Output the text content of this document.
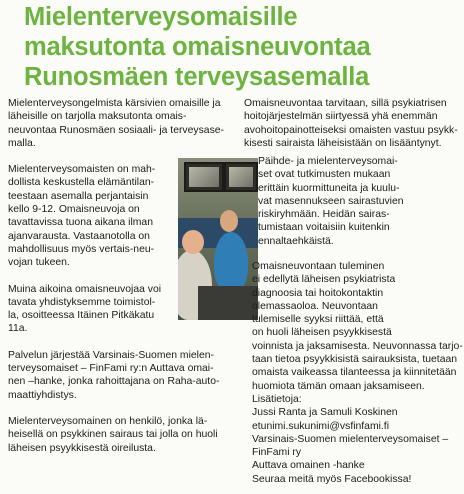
Mielenterveysomaisille
maksutonta omaisneuvontaa
Runosmäen terveysasemalla

Mielenterveysongelmista kärsivien omaisille ja
läheisille on tarjolla maksutonta omais-
neuvontaa Runosmäen sosiaali- ja terveysase-
malla.

Mielenterveysomaisten on mah-
dollista keskustella elämäntilan-
teestaan asemalla perjantaisin
kello 9-12. Omaisneuvoja on
tavattavissa tuona aikana ilman
ajanvarausta. Vastaanotolla on
mahdollisuus myös vertais-neu-
vojan tukeen.

Muina aikoina omaisneuvojaa voi
tavata yhdistyksemme toimistol-
la, osoitteessa Itäinen Pitkäkatu
11a.

Palvelun järjestää Varsinais-Suomen mielen-
terveysomaiset – FinFami ry:n Auttava omai-
nen –hanke, jonka rahoittajana on Raha-auto-
maattiyhdistys.

Mielenterveysomainen on henkilö, jonka lä-
heisellä on psykkinen sairaus tai jolla on huoli
läheisen psyykkisestä oireilusta.

Omaisneuvontaa tarvitaan, sillä psykiatrisen
hoitojärjestelmän siirtyessä yhä enemmän
avohoitopainotteiseksi omaisten vastuu psykk-
kisesti sairaista läheisistään on lisääntynyt.

Päihde- ja mielenterveysomai-
set ovat tutkimusten mukaan
erittäin kuormittuneita ja kuulu-
vat masennukseen sairastuvien
riskiryhmään. Heidän sairas-
tumistaan voitaisiin kuitenkin
ennaltaehkäistä.

Omaisneuvontaan tuleminen
ei edellytä läheisen psykiatrista
diagnoosia tai hoitokontaktin
olemassaoloa. Neuvontaan
tulemiselle syyksi riittää, että
on huoli läheisen psyykkisestä
voinnista ja jaksamisesta. Neuvonnassa tarjo-
taan tietoa psyykkisistä sairauksista, tuetaan
omaista vaikeassa tilanteessa ja kiinnitetään
huomiota tämän omaan jaksamiseen.
Lisätietoja:
Jussi Ranta ja Samuli Koskinen
etunimi.sukunimi@vsfinfami.fi
Varsinais-Suomen mielenterveysomaiset –
FinFami ry
Auttava omainen -hanke
Seuraa meitä myös Facebookissa!
